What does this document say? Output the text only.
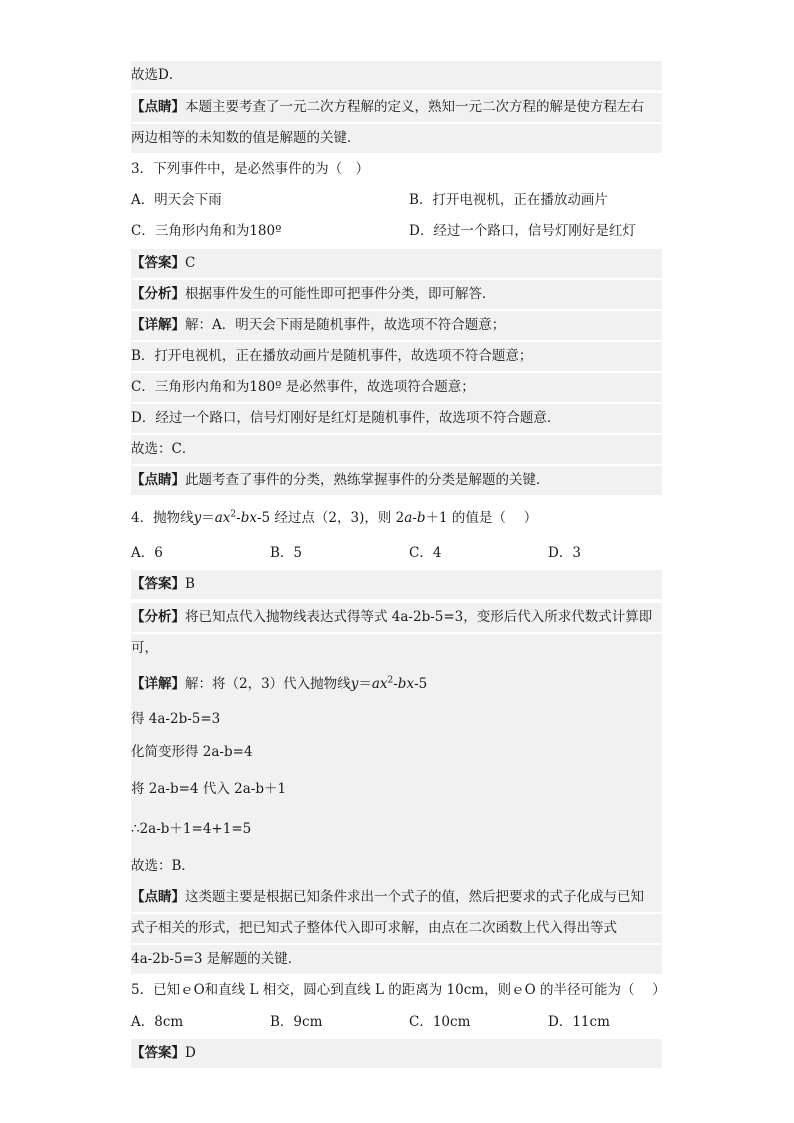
故选D．
【点睛】本题主要考查了一元二次方程解的定义，熟知一元二次方程的解是使方程左右
两边相等的未知数的值是解题的关键．
3．下列事件中，是必然事件的为（　）
A．明天会下雨	B．打开电视机，正在播放动画片
C．三角形内角和为180º	D．经过一个路口，信号灯刚好是红灯
【答案】C
【分析】根据事件发生的可能性即可把事件分类，即可解答．
【详解】解：A．明天会下雨是随机事件，故选项不符合题意；
B．打开电视机，正在播放动画片是随机事件，故选项不符合题意；
C．三角形内角和为180º 是必然事件，故选项符合题意；
D．经过一个路口，信号灯刚好是红灯是随机事件，故选项不符合题意．
故选：C．
【点睛】此题考查了事件的分类，熟练掌握事件的分类是解题的关键．
4．抛物线$y=ax^2-bx-5$ 经过点（2，3)，则 2a-b＋1 的值是（　 ）
A．6	B．5	C．4	D．3
【答案】B
【分析】将已知点代入抛物线表达式得等式 4a-2b-5=3，变形后代入所求代数式计算即
可，
【详解】解：将（2，3）代入抛物线$y=ax^2-bx-5$
得 4a-2b-5=3
化简变形得 2a-b=4
将 2a-b=4 代入 2a-b＋1
∴2a-b＋1=4+1=5
故选：B．
【点睛】这类题主要是根据已知条件求出一个式子的值，然后把要求的式子化成与已知
式子相关的形式，把已知式子整体代入即可求解，由点在二次函数上代入得出等式
4a-2b-5=3 是解题的关键．
5．已知ｅO和直线 L 相交，圆心到直线 L 的距离为 10cm，则ｅO 的半径可能为（　 ）
A．8cm	B．9cm	C．10cm	D．11cm
【答案】D
